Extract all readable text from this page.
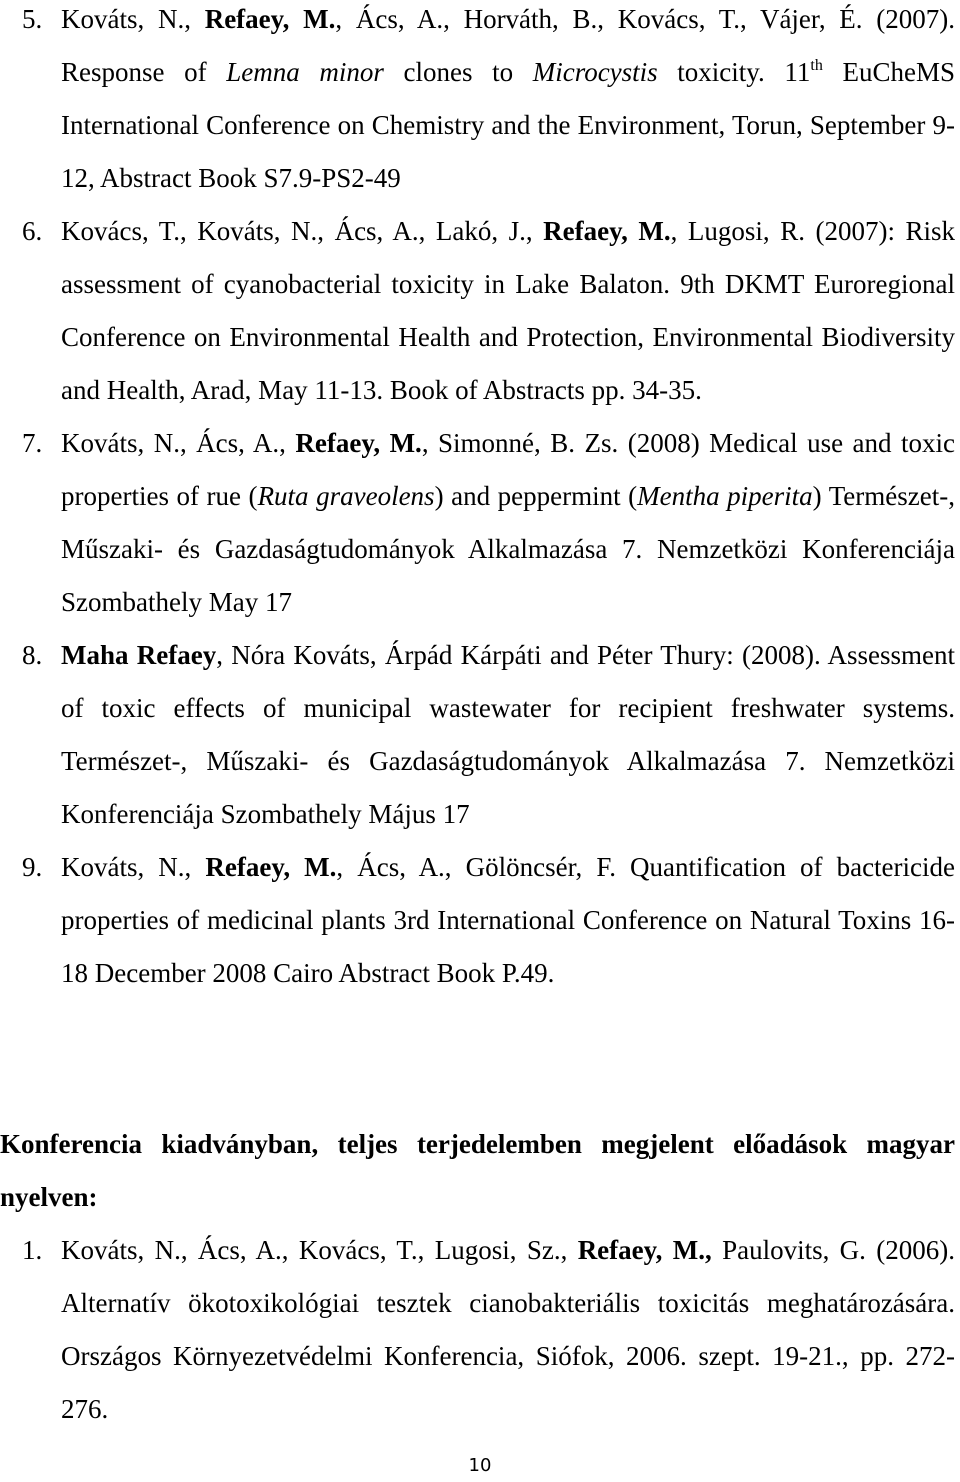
5. Kováts, N., Refaey, M., Ács, A., Horváth, B., Kovács, T., Vájer, É. (2007). Response of Lemna minor clones to Microcystis toxicity. 11th EuCheMS International Conference on Chemistry and the Environment, Torun, September 9-12, Abstract Book S7.9-PS2-49
6. Kovács, T., Kováts, N., Ács, A., Lakó, J., Refaey, M., Lugosi, R. (2007): Risk assessment of cyanobacterial toxicity in Lake Balaton. 9th DKMT Euroregional Conference on Environmental Health and Protection, Environmental Biodiversity and Health, Arad, May 11-13. Book of Abstracts pp. 34-35.
7. Kováts, N., Ács, A., Refaey, M., Simonné, B. Zs. (2008) Medical use and toxic properties of rue (Ruta graveolens) and peppermint (Mentha piperita) Természet-, Műszaki- és Gazdaságtudományok Alkalmazása 7. Nemzetközi Konferenciája Szombathely May 17
8. Maha Refaey, Nóra Kováts, Árpád Kárpáti and Péter Thury: (2008). Assessment of toxic effects of municipal wastewater for recipient freshwater systems. Természet-, Műszaki- és Gazdaságtudományok Alkalmazása 7. Nemzetközi Konferenciája Szombathely Május 17
9. Kováts, N., Refaey, M., Ács, A., Gölöncsér, F. Quantification of bactericide properties of medicinal plants 3rd International Conference on Natural Toxins 16-18 December 2008 Cairo Abstract Book P.49.
Konferencia kiadványban, teljes terjedelemben megjelent előadások magyar nyelven:
1. Kováts, N., Ács, A., Kovács, T., Lugosi, Sz., Refaey, M., Paulovits, G. (2006). Alternatív ökotoxikológiai tesztek cianobakteriális toxicitás meghatározására. Országos Környezetvédelmi Konferencia, Siófok, 2006. szept. 19-21., pp. 272-276.
10
